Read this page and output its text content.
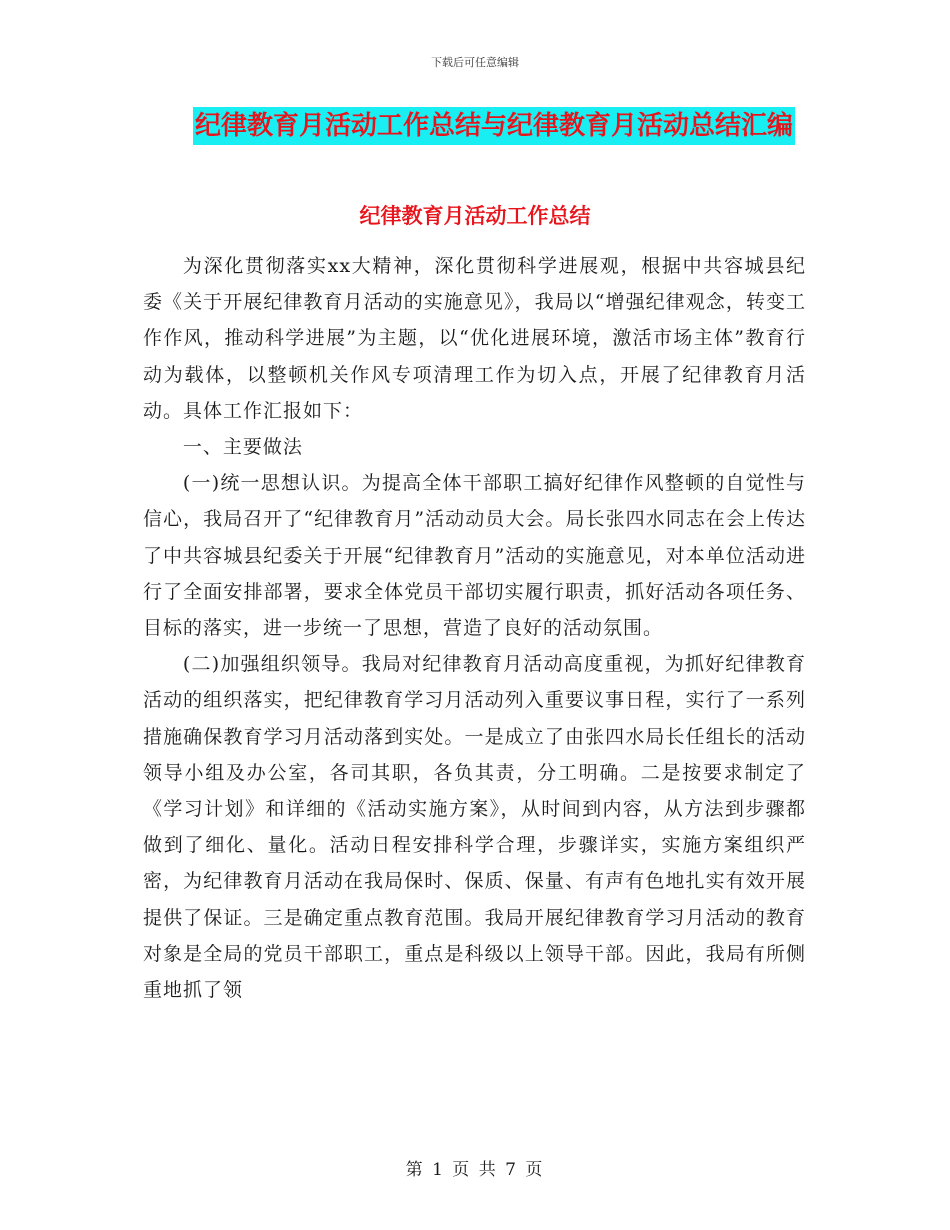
下载后可任意编辑
纪律教育月活动工作总结与纪律教育月活动总结汇编
纪律教育月活动工作总结

为深化贯彻落实xx大精神，深化贯彻科学进展观，根据中共容城县纪委《关于开展纪律教育月活动的实施意见》，我局以“增强纪律观念，转变工作作风，推动科学进展”为主题，以“优化进展环境，激活市场主体”教育行动为载体，以整顿机关作风专项清理工作为切入点，开展了纪律教育月活动。具体工作汇报如下：

一、主要做法

(一)统一思想认识。为提高全体干部职工搞好纪律作风整顿的自觉性与信心，我局召开了“纪律教育月”活动动员大会。局长张四水同志在会上传达了中共容城县纪委关于开展“纪律教育月”活动的实施意见，对本单位活动进行了全面安排部署，要求全体党员干部切实履行职责，抓好活动各项任务、目标的落实，进一步统一了思想，营造了良好的活动氛围。

(二)加强组织领导。我局对纪律教育月活动高度重视，为抓好纪律教育活动的组织落实，把纪律教育学习月活动列入重要议事日程，实行了一系列措施确保教育学习月活动落到实处。一是成立了由张四水局长任组长的活动领导小组及办公室，各司其职，各负其责，分工明确。二是按要求制定了《学习计划》和详细的《活动实施方案》，从时间到内容，从方法到步骤都做到了细化、量化。活动日程安排科学合理，步骤详实，实施方案组织严密，为纪律教育月活动在我局保时、保质、保量、有声有色地扎实有效开展提供了保证。三是确定重点教育范围。我局开展纪律教育学习月活动的教育对象是全局的党员干部职工，重点是科级以上领导干部。因此，我局有所侧重地抓了领

第 1 页 共 7 页
